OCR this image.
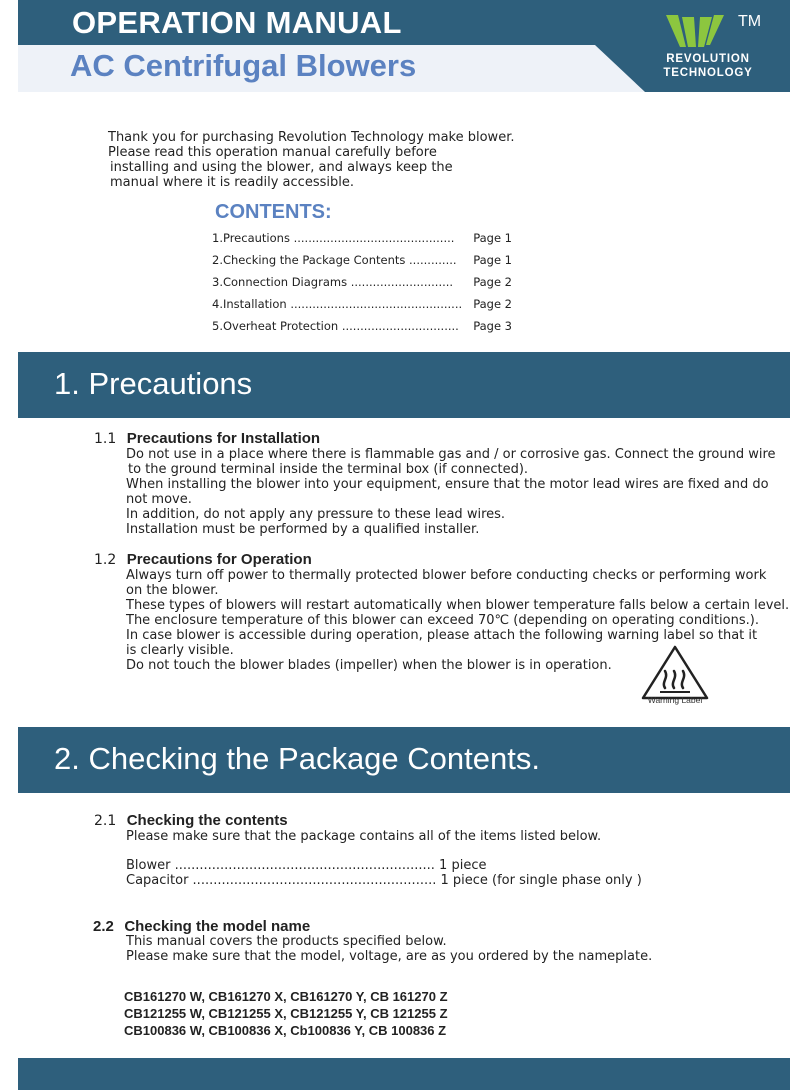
OPERATION MANUAL
AC Centrifugal Blowers
TM
REVOLUTION
TECHNOLOGY
Thank you for purchasing Revolution Technology make blower.
Please read this operation manual carefully before
installing and using the blower, and always keep the
manual where it is readily accessible.
CONTENTS:
1.Precautions ............................................ Page 1
2.Checking the Package Contents ............. Page 1
3.Connection Diagrams ............................ Page 2
4.Installation ............................................... Page 2
5.Overheat Protection ................................ Page 3
1. Precautions
1.1 Precautions for Installation
Do not use in a place where there is flammable gas and / or corrosive gas. Connect the ground wire
to the ground terminal inside the terminal box (if connected).
When installing the blower into your equipment, ensure that the motor lead wires are fixed and do
not move.
In addition, do not apply any pressure to these lead wires.
Installation must be performed by a qualified installer.
1.2 Precautions for Operation
Always turn off power to thermally protected blower before conducting checks or performing work
on the blower.
These types of blowers will restart automatically when blower temperature falls below a certain level.
The enclosure temperature of this blower can exceed 70℃ (depending on operating conditions.).
In case blower is accessible during operation, please attach the following warning label so that it
is clearly visible.
Do not touch the blower blades (impeller) when the blower is in operation.
Warning Label
2. Checking the Package Contents.
2.1 Checking the contents
Please make sure that the package contains all of the items listed below.
Blower ............................................................... 1 piece
Capacitor ........................................................... 1 piece (for single phase only )
2.2 Checking the model name
This manual covers the products specified below.
Please make sure that the model, voltage, are as you ordered by the nameplate.
CB161270 W, CB161270 X, CB161270 Y, CB 161270 Z
CB121255 W, CB121255 X, CB121255 Y, CB 121255 Z
CB100836 W, CB100836 X, Cb100836 Y, CB 100836 Z
